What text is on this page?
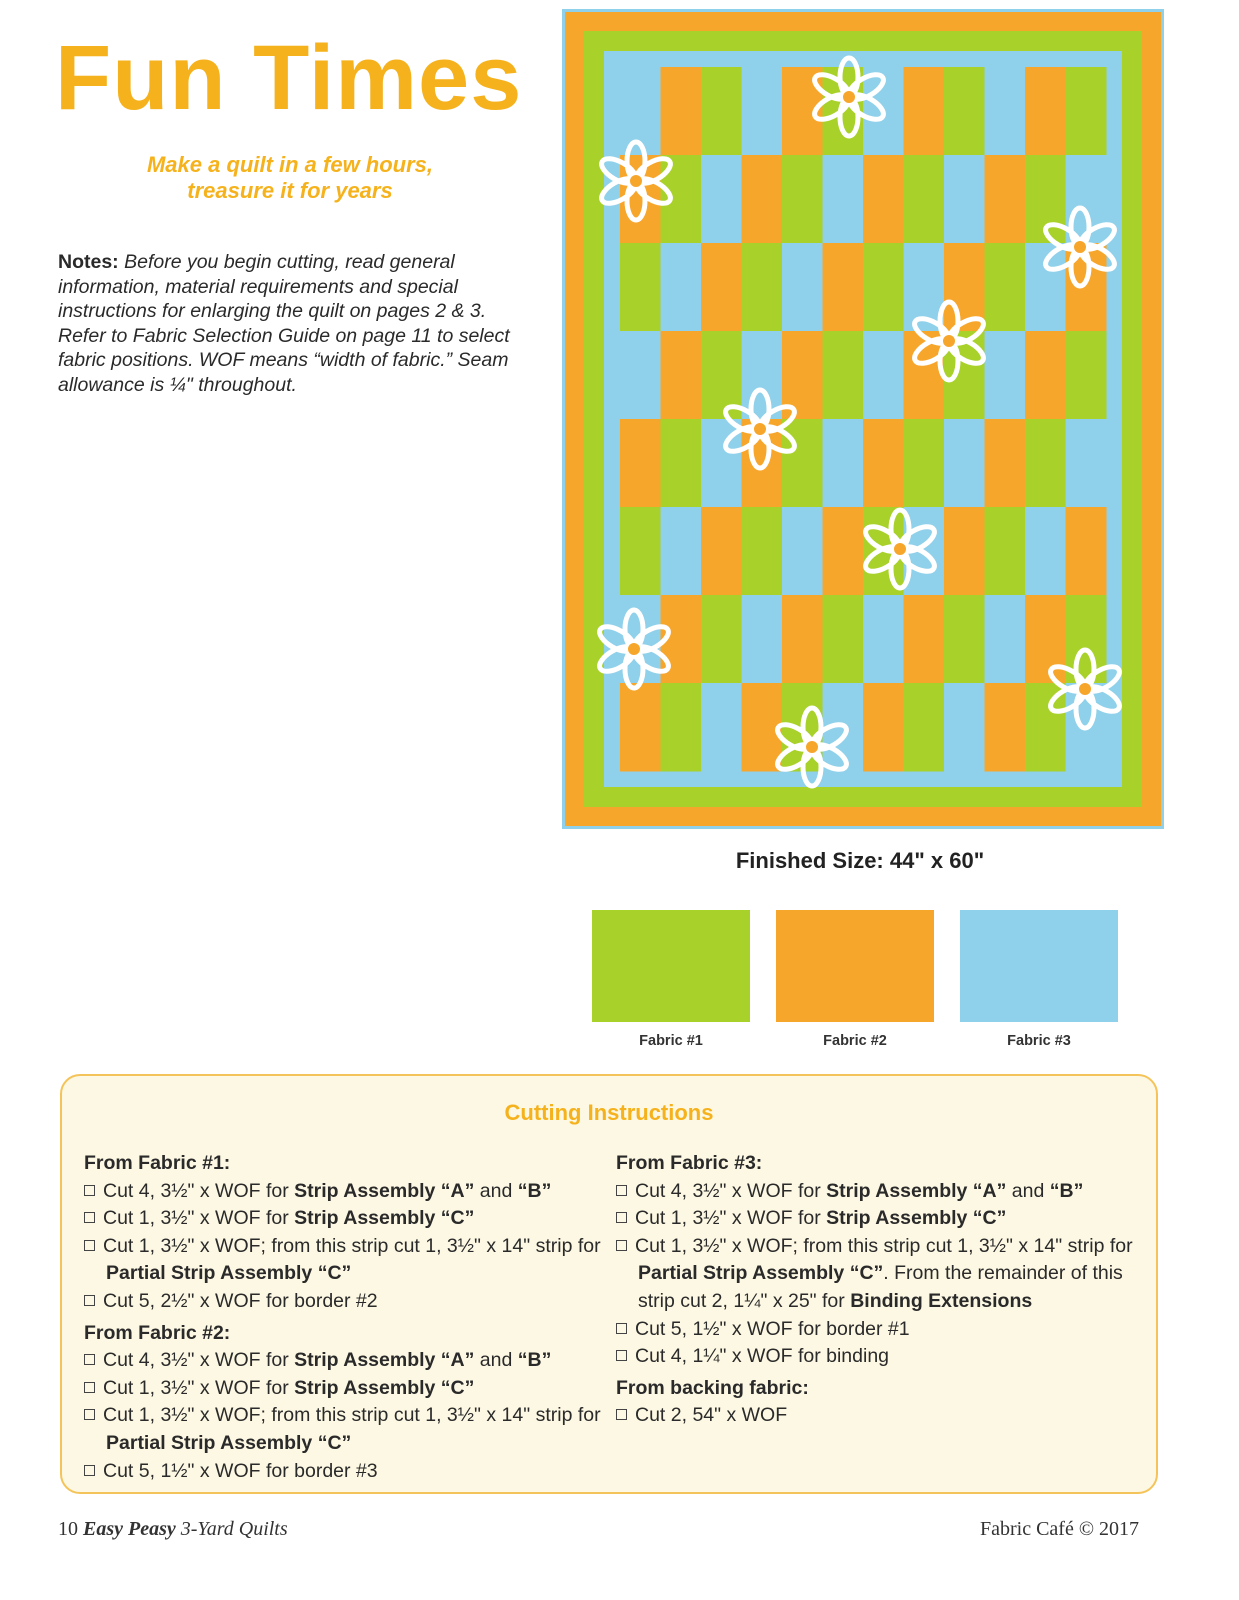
Fun Times
Make a quilt in a few hours,
treasure it for years
Notes: Before you begin cutting, read general information, material requirements and special instructions for enlarging the quilt on pages 2 & 3. Refer to Fabric Selection Guide on page 11 to select fabric positions. WOF means “width of fabric.” Seam allowance is ¼" throughout.
Finished Size: 44" x 60"
Fabric #1	Fabric #2	Fabric #3
Cutting Instructions
From Fabric #1:
Cut 4, 3½" x WOF for Strip Assembly “A” and “B”
Cut 1, 3½" x WOF for Strip Assembly “C”
Cut 1, 3½" x WOF; from this strip cut 1, 3½" x 14" strip for Partial Strip Assembly “C”
Cut 5, 2½" x WOF for border #2
From Fabric #2:
Cut 4, 3½" x WOF for Strip Assembly “A” and “B”
Cut 1, 3½" x WOF for Strip Assembly “C”
Cut 1, 3½" x WOF; from this strip cut 1, 3½" x 14" strip for Partial Strip Assembly “C”
Cut 5, 1½" x WOF for border #3
From Fabric #3:
Cut 4, 3½" x WOF for Strip Assembly “A” and “B”
Cut 1, 3½" x WOF for Strip Assembly “C”
Cut 1, 3½" x WOF; from this strip cut 1, 3½" x 14" strip for Partial Strip Assembly “C”. From the remainder of this strip cut 2, 1¼" x 25" for Binding Extensions
Cut 5, 1½" x WOF for border #1
Cut 4, 1¼" x WOF for binding
From backing fabric:
Cut 2, 54" x WOF
10 Easy Peasy 3-Yard Quilts	Fabric Café © 2017
